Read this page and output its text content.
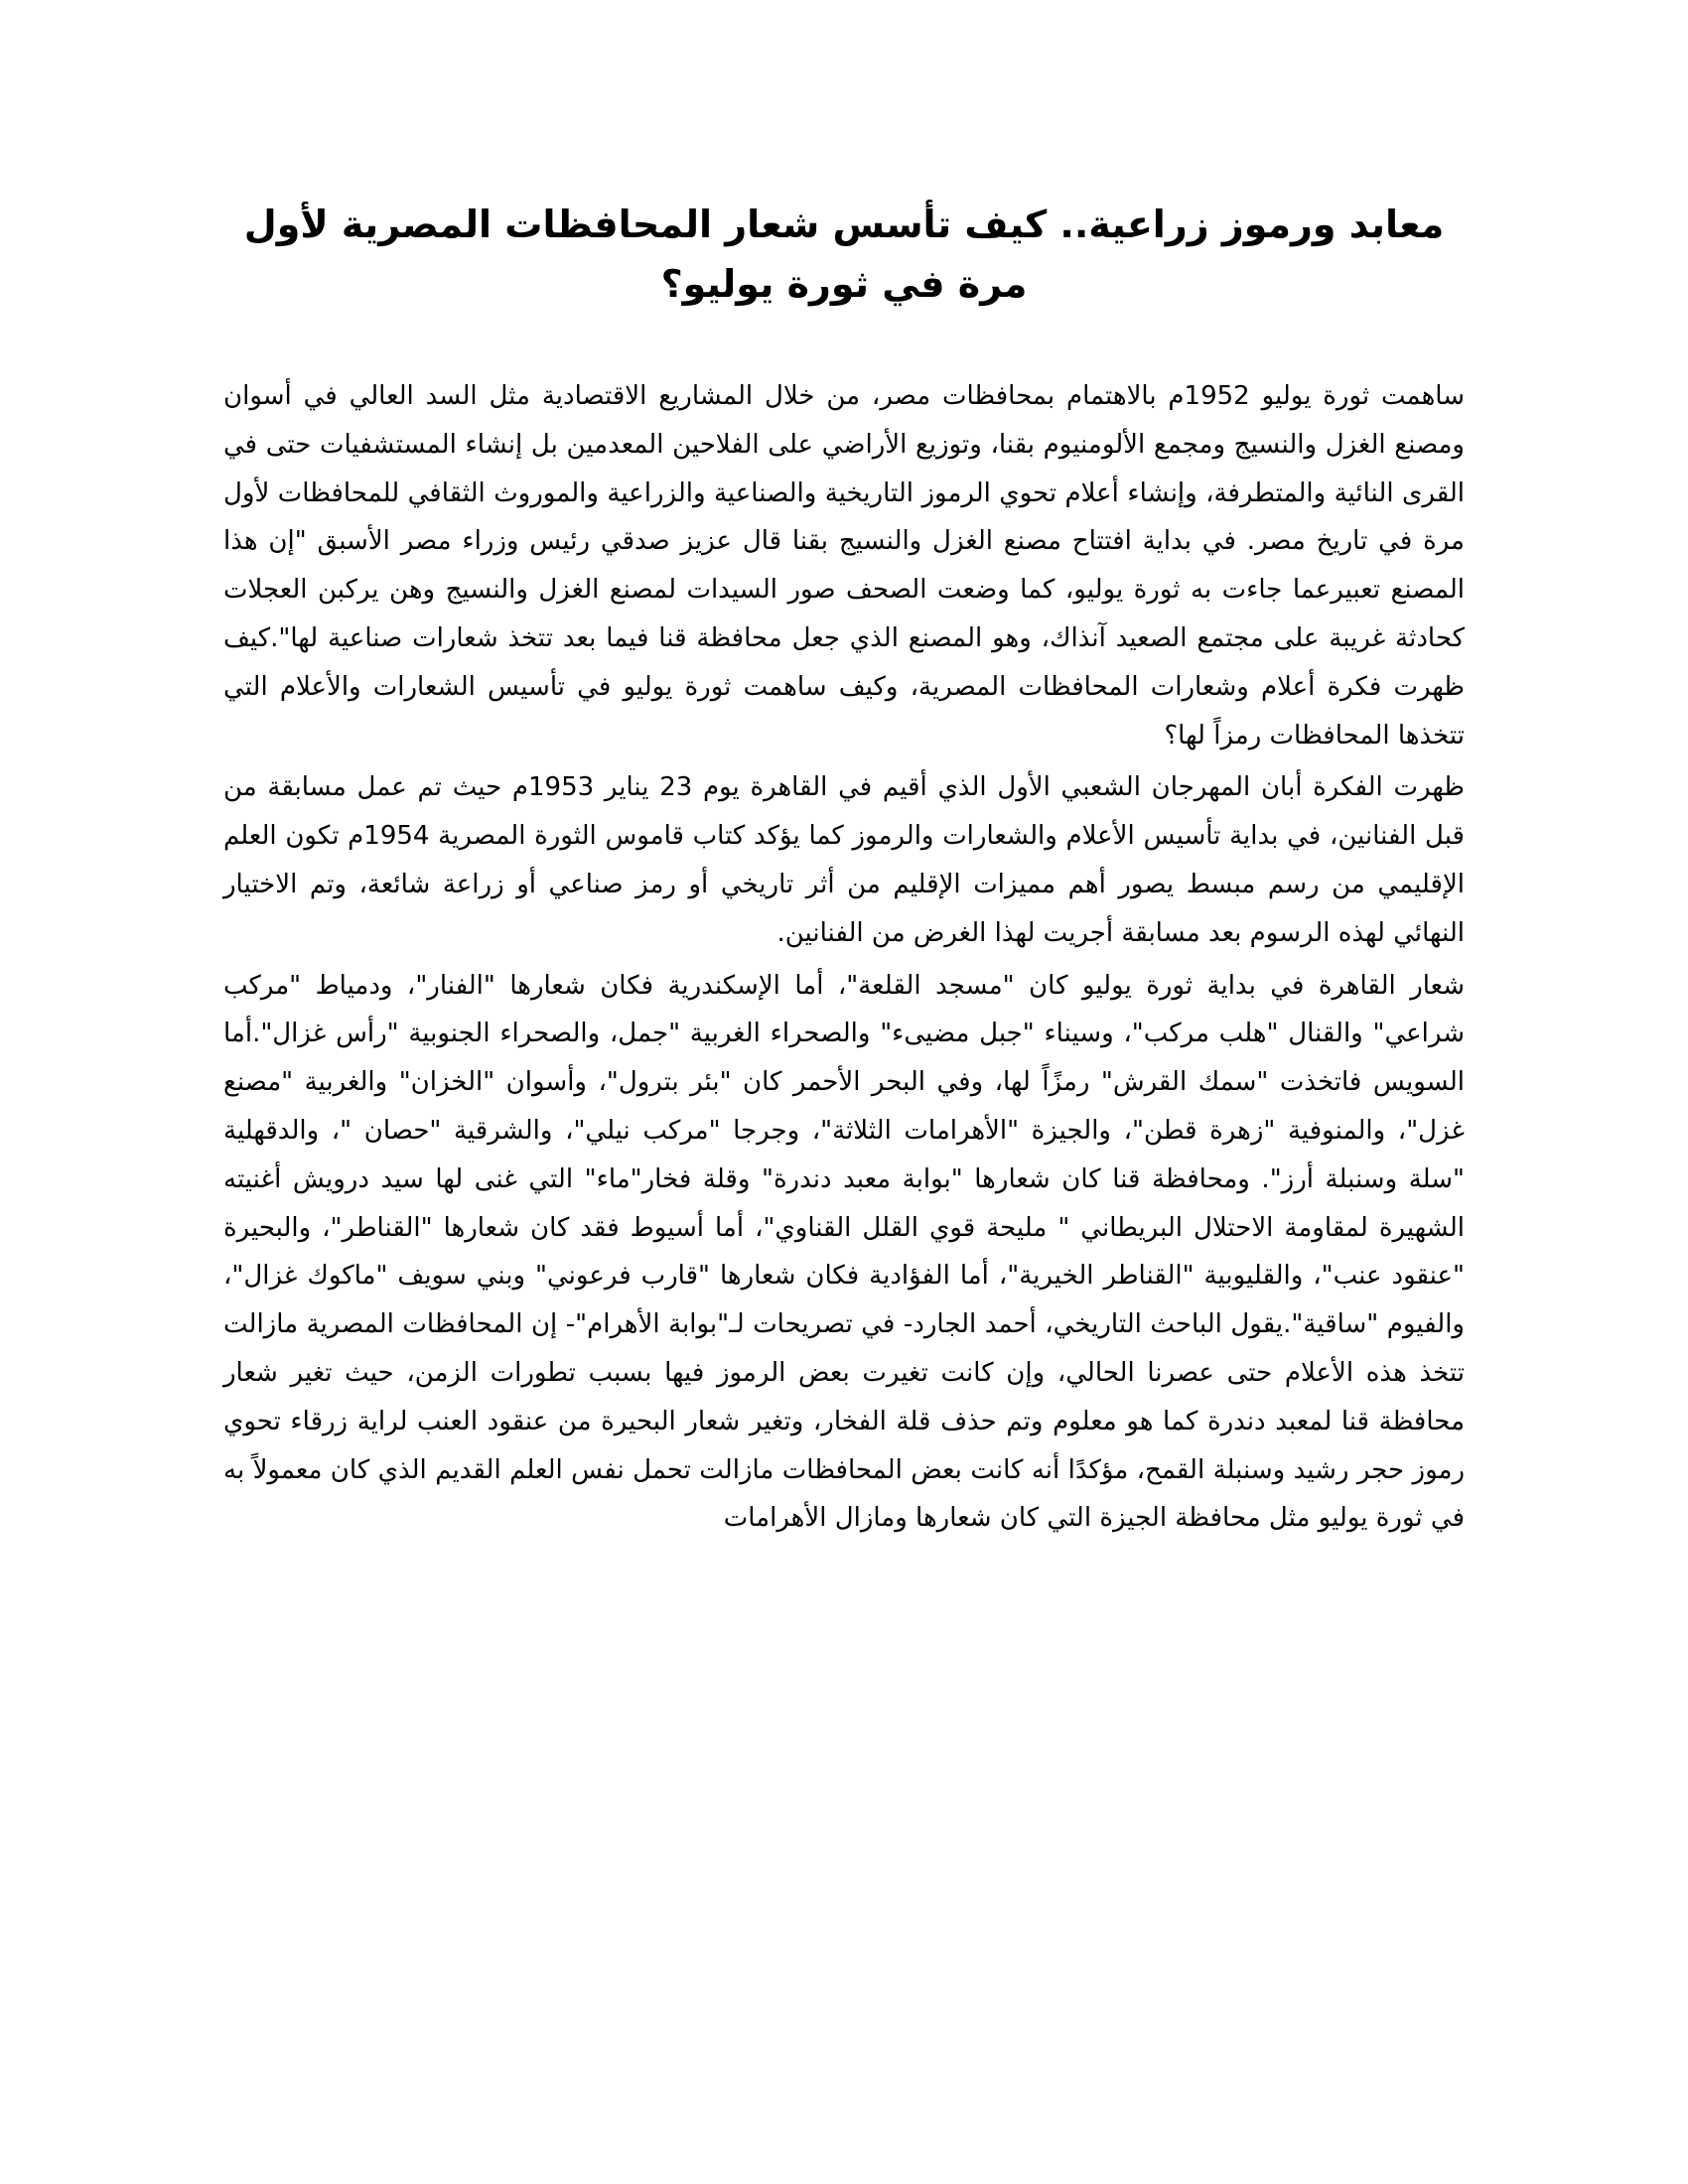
معابد ورموز زراعية.. كيف تأسس شعار المحافظات المصرية لأول مرة في ثورة يوليو؟

ساهمت ثورة يوليو 1952م بالاهتمام بمحافظات مصر، من خلال المشاريع الاقتصادية مثل السد العالي في أسوان ومصنع الغزل والنسيج ومجمع الألومنيوم بقنا، وتوزيع الأراضي على الفلاحين المعدمين بل إنشاء المستشفيات حتى في القرى النائية والمتطرفة، وإنشاء أعلام تحوي الرموز التاريخية والصناعية والزراعية والموروث الثقافي للمحافظات لأول مرة في تاريخ مصر. في بداية افتتاح مصنع الغزل والنسيج بقنا قال عزيز صدقي رئيس وزراء مصر الأسبق "إن هذا المصنع تعبيرعما جاءت به ثورة يوليو، كما وضعت الصحف صور السيدات لمصنع الغزل والنسيج وهن يركبن العجلات كحادثة غريبة على مجتمع الصعيد آنذاك، وهو المصنع الذي جعل محافظة قنا فيما بعد تتخذ شعارات صناعية لها".كيف ظهرت فكرة أعلام وشعارات المحافظات المصرية، وكيف ساهمت ثورة يوليو في تأسيس الشعارات والأعلام التي تتخذها المحافظات رمزاً لها؟

ظهرت الفكرة أبان المهرجان الشعبي الأول الذي أقيم في القاهرة يوم 23 يناير 1953م حيث تم عمل مسابقة من قبل الفنانين، في بداية تأسيس الأعلام والشعارات والرموز كما يؤكد كتاب قاموس الثورة المصرية 1954م تكون العلم الإقليمي من رسم مبسط يصور أهم مميزات الإقليم من أثر تاريخي أو رمز صناعي أو زراعة شائعة، وتم الاختيار النهائي لهذه الرسوم بعد مسابقة أجريت لهذا الغرض من الفنانين.

شعار القاهرة في بداية ثورة يوليو كان "مسجد القلعة"، أما الإسكندرية فكان شعارها "الفنار"، ودمياط "مركب شراعي" والقنال "هلب مركب"، وسيناء "جبل مضيىء" والصحراء الغربية "جمل، والصحراء الجنوبية "رأس غزال".أما السويس فاتخذت "سمك القرش" رمزًاً لها، وفي البحر الأحمر كان "بئر بترول"، وأسوان "الخزان" والغربية "مصنع غزل"، والمنوفية "زهرة قطن"، والجيزة "الأهرامات الثلاثة"، وجرجا "مركب نيلي"، والشرقية "حصان "، والدقهلية "سلة وسنبلة أرز". ومحافظة قنا كان شعارها "بوابة معبد دندرة" وقلة فخار"ماء" التي غنى لها سيد درويش أغنيته الشهيرة لمقاومة الاحتلال البريطاني " مليحة قوي القلل القناوي"، أما أسيوط فقد كان شعارها "القناطر"، والبحيرة "عنقود عنب"، والقليوبية "القناطر الخيرية"، أما الفؤادية فكان شعارها "قارب فرعوني" وبني سويف "ماكوك غزال"، والفيوم "ساقية".يقول الباحث التاريخي، أحمد الجارد- في تصريحات لـ"بوابة الأهرام"- إن المحافظات المصرية مازالت تتخذ هذه الأعلام حتى عصرنا الحالي، وإن كانت تغيرت بعض الرموز فيها بسبب تطورات الزمن، حيث تغير شعار محافظة قنا لمعبد دندرة كما هو معلوم وتم حذف قلة الفخار، وتغير شعار البحيرة من عنقود العنب لراية زرقاء تحوي رموز حجر رشيد وسنبلة القمح، مؤكدًا أنه كانت بعض المحافظات مازالت تحمل نفس العلم القديم الذي كان معمولاً به في ثورة يوليو مثل محافظة الجيزة التي كان شعارها ومازال الأهرامات
